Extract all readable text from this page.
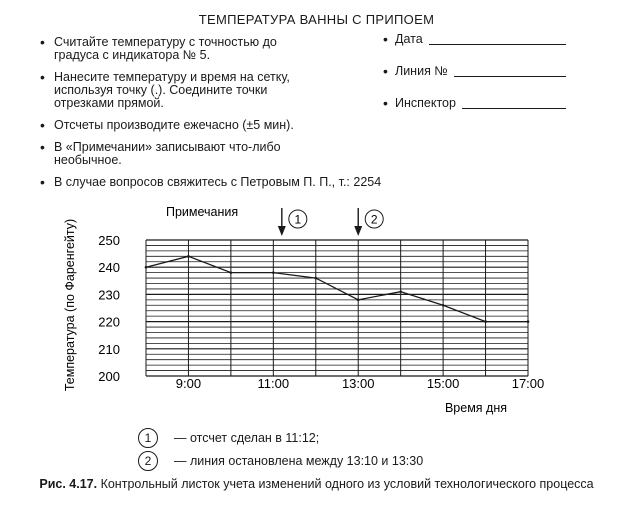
ТЕМПЕРАТУРА ВАННЫ С ПРИПОЕМ
• Считайте температуру с точностью до градуса с индикатора № 5.
• Нанесите температуру и время на сетку, используя точку (.). Соедините точки отрезками прямой.
• Отсчеты производите ежечасно (±5 мин).
• В «Примечании» записывают что-либо необычное.
• В случае вопросов свяжитесь с Петровым П. П., т.: 2254
• Дата
• Линия №
• Инспектор
200
210
220
230
240
250
9:00	11:00	13:00	15:00	17:00
1	2
Примечания
Время дня
Температура (по Фаренгейту)
1	— отсчет сделан в 11:12;
2	— линия остановлена между 13:10 и 13:30
Рис. 4.17. Контрольный листок учета изменений одного из условий технологического процесса
